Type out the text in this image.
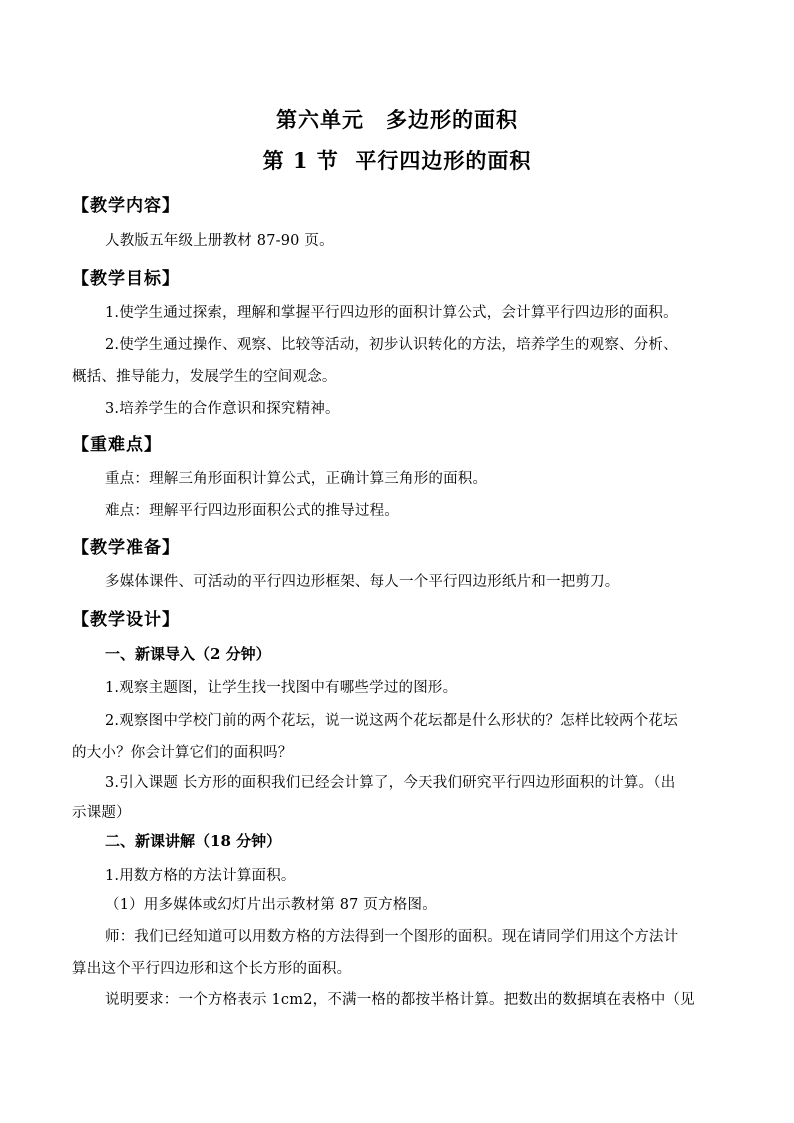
第六单元　多边形的面积
第 1 节  平行四边形的面积
【教学内容】
人教版五年级上册教材 87-90 页。
【教学目标】
1.使学生通过探索，理解和掌握平行四边形的面积计算公式，会计算平行四边形的面积。
2.使学生通过操作、观察、比较等活动，初步认识转化的方法，培养学生的观察、分析、
概括、推导能力，发展学生的空间观念。
3.培养学生的合作意识和探究精神。
【重难点】
重点：理解三角形面积计算公式，正确计算三角形的面积。
难点：理解平行四边形面积公式的推导过程。
【教学准备】
多媒体课件、可活动的平行四边形框架、每人一个平行四边形纸片和一把剪刀。
【教学设计】
一、新课导入（2 分钟）
1.观察主题图，让学生找一找图中有哪些学过的图形。
2.观察图中学校门前的两个花坛，说一说这两个花坛都是什么形状的？怎样比较两个花坛
的大小？你会计算它们的面积吗？
3.引入课题 长方形的面积我们已经会计算了，今天我们研究平行四边形面积的计算。（出
示课题）
二、新课讲解（18 分钟）
1.用数方格的方法计算面积。
（1）用多媒体或幻灯片出示教材第 87 页方格图。
师：我们已经知道可以用数方格的方法得到一个图形的面积。现在请同学们用这个方法计
算出这个平行四边形和这个长方形的面积。
说明要求：一个方格表示 1cm2，不满一格的都按半格计算。把数出的数据填在表格中（见
